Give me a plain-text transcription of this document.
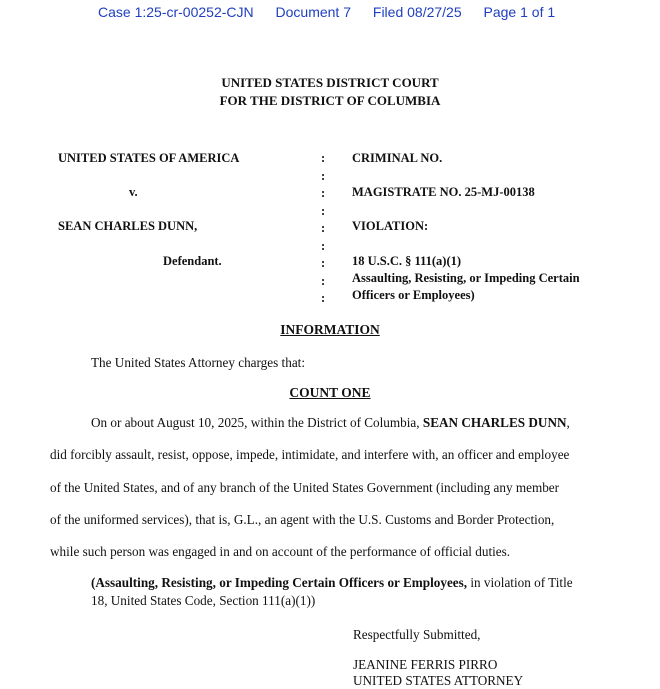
Case 1:25-cr-00252-CJN Document 7 Filed 08/27/25 Page 1 of 1
UNITED STATES DISTRICT COURT
FOR THE DISTRICT OF COLUMBIA
UNITED STATES OF AMERICA
v.
SEAN CHARLES DUNN,
Defendant.
:
:
:
:
:
:
:
:
:
CRIMINAL NO.
MAGISTRATE NO. 25-MJ-00138
VIOLATION:
18 U.S.C. § 111(a)(1)
Assaulting, Resisting, or Impeding Certain
Officers or Employees)
INFORMATION
The United States Attorney charges that:
COUNT ONE
On or about August 10, 2025, within the District of Columbia, SEAN CHARLES DUNN,
did forcibly assault, resist, oppose, impede, intimidate, and interfere with, an officer and employee
of the United States, and of any branch of the United States Government (including any member
of the uniformed services), that is, G.L., an agent with the U.S. Customs and Border Protection,
while such person was engaged in and on account of the performance of official duties.
(Assaulting, Resisting, or Impeding Certain Officers or Employees, in violation of Title
18, United States Code, Section 111(a)(1))
Respectfully Submitted,
JEANINE FERRIS PIRRO
UNITED STATES ATTORNEY
